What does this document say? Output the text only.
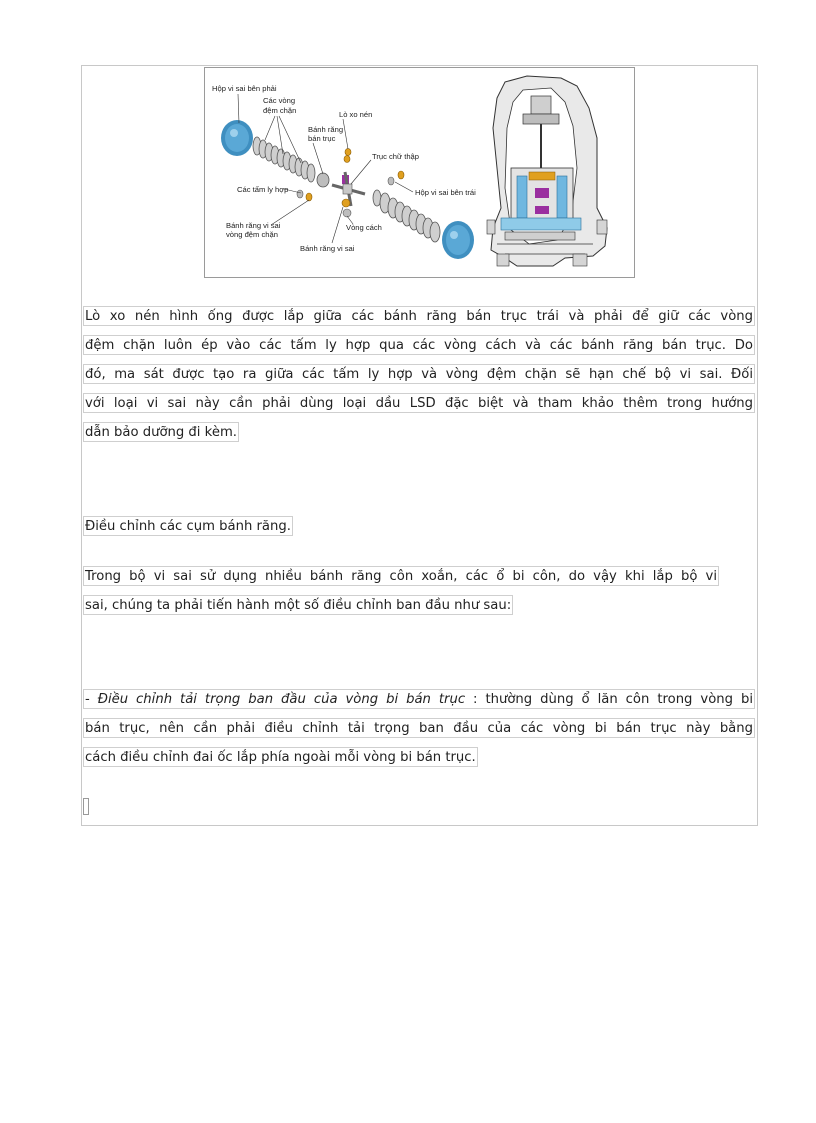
Hộp vi sai bên phải
Các vòng
đệm chặn	Lò xo nén
Bánh răng
bán trục
Trục chữ thập
Các tấm ly hợp	Hộp vi sai bên trái
Bánh răng vi sai
vòng đệm chặn
Vòng cách
Bánh răng vi sai
Lò xo nén hình ống được lắp giữa các bánh răng bán trục trái và phải để giữ các vòng
đệm chặn luôn ép vào các tấm ly hợp qua các vòng cách và các bánh răng bán trục. Do
đó, ma sát được tạo ra giữa các tấm ly hợp và vòng đệm chặn sẽ hạn chế bộ vi sai. Đối
với loại vi sai này cần phải dùng loại dầu LSD đặc biệt và tham khảo thêm trong hướng
dẫn bảo dưỡng đi kèm.
Điều chỉnh các cụm bánh răng.
Trong bộ vi sai sử dụng nhiều bánh răng côn xoắn, các ổ bi côn, do vậy khi lắp bộ vi
sai, chúng ta phải tiến hành một số điều chỉnh ban đầu như sau:
- Điều chỉnh tải trọng ban đầu của vòng bi bán trục : thường dùng ổ lăn côn trong vòng bi
bán trục, nên cần phải điều chỉnh tải trọng ban đầu của các vòng bi bán trục này bằng
cách điều chỉnh đai ốc lắp phía ngoài mỗi vòng bi bán trục.
